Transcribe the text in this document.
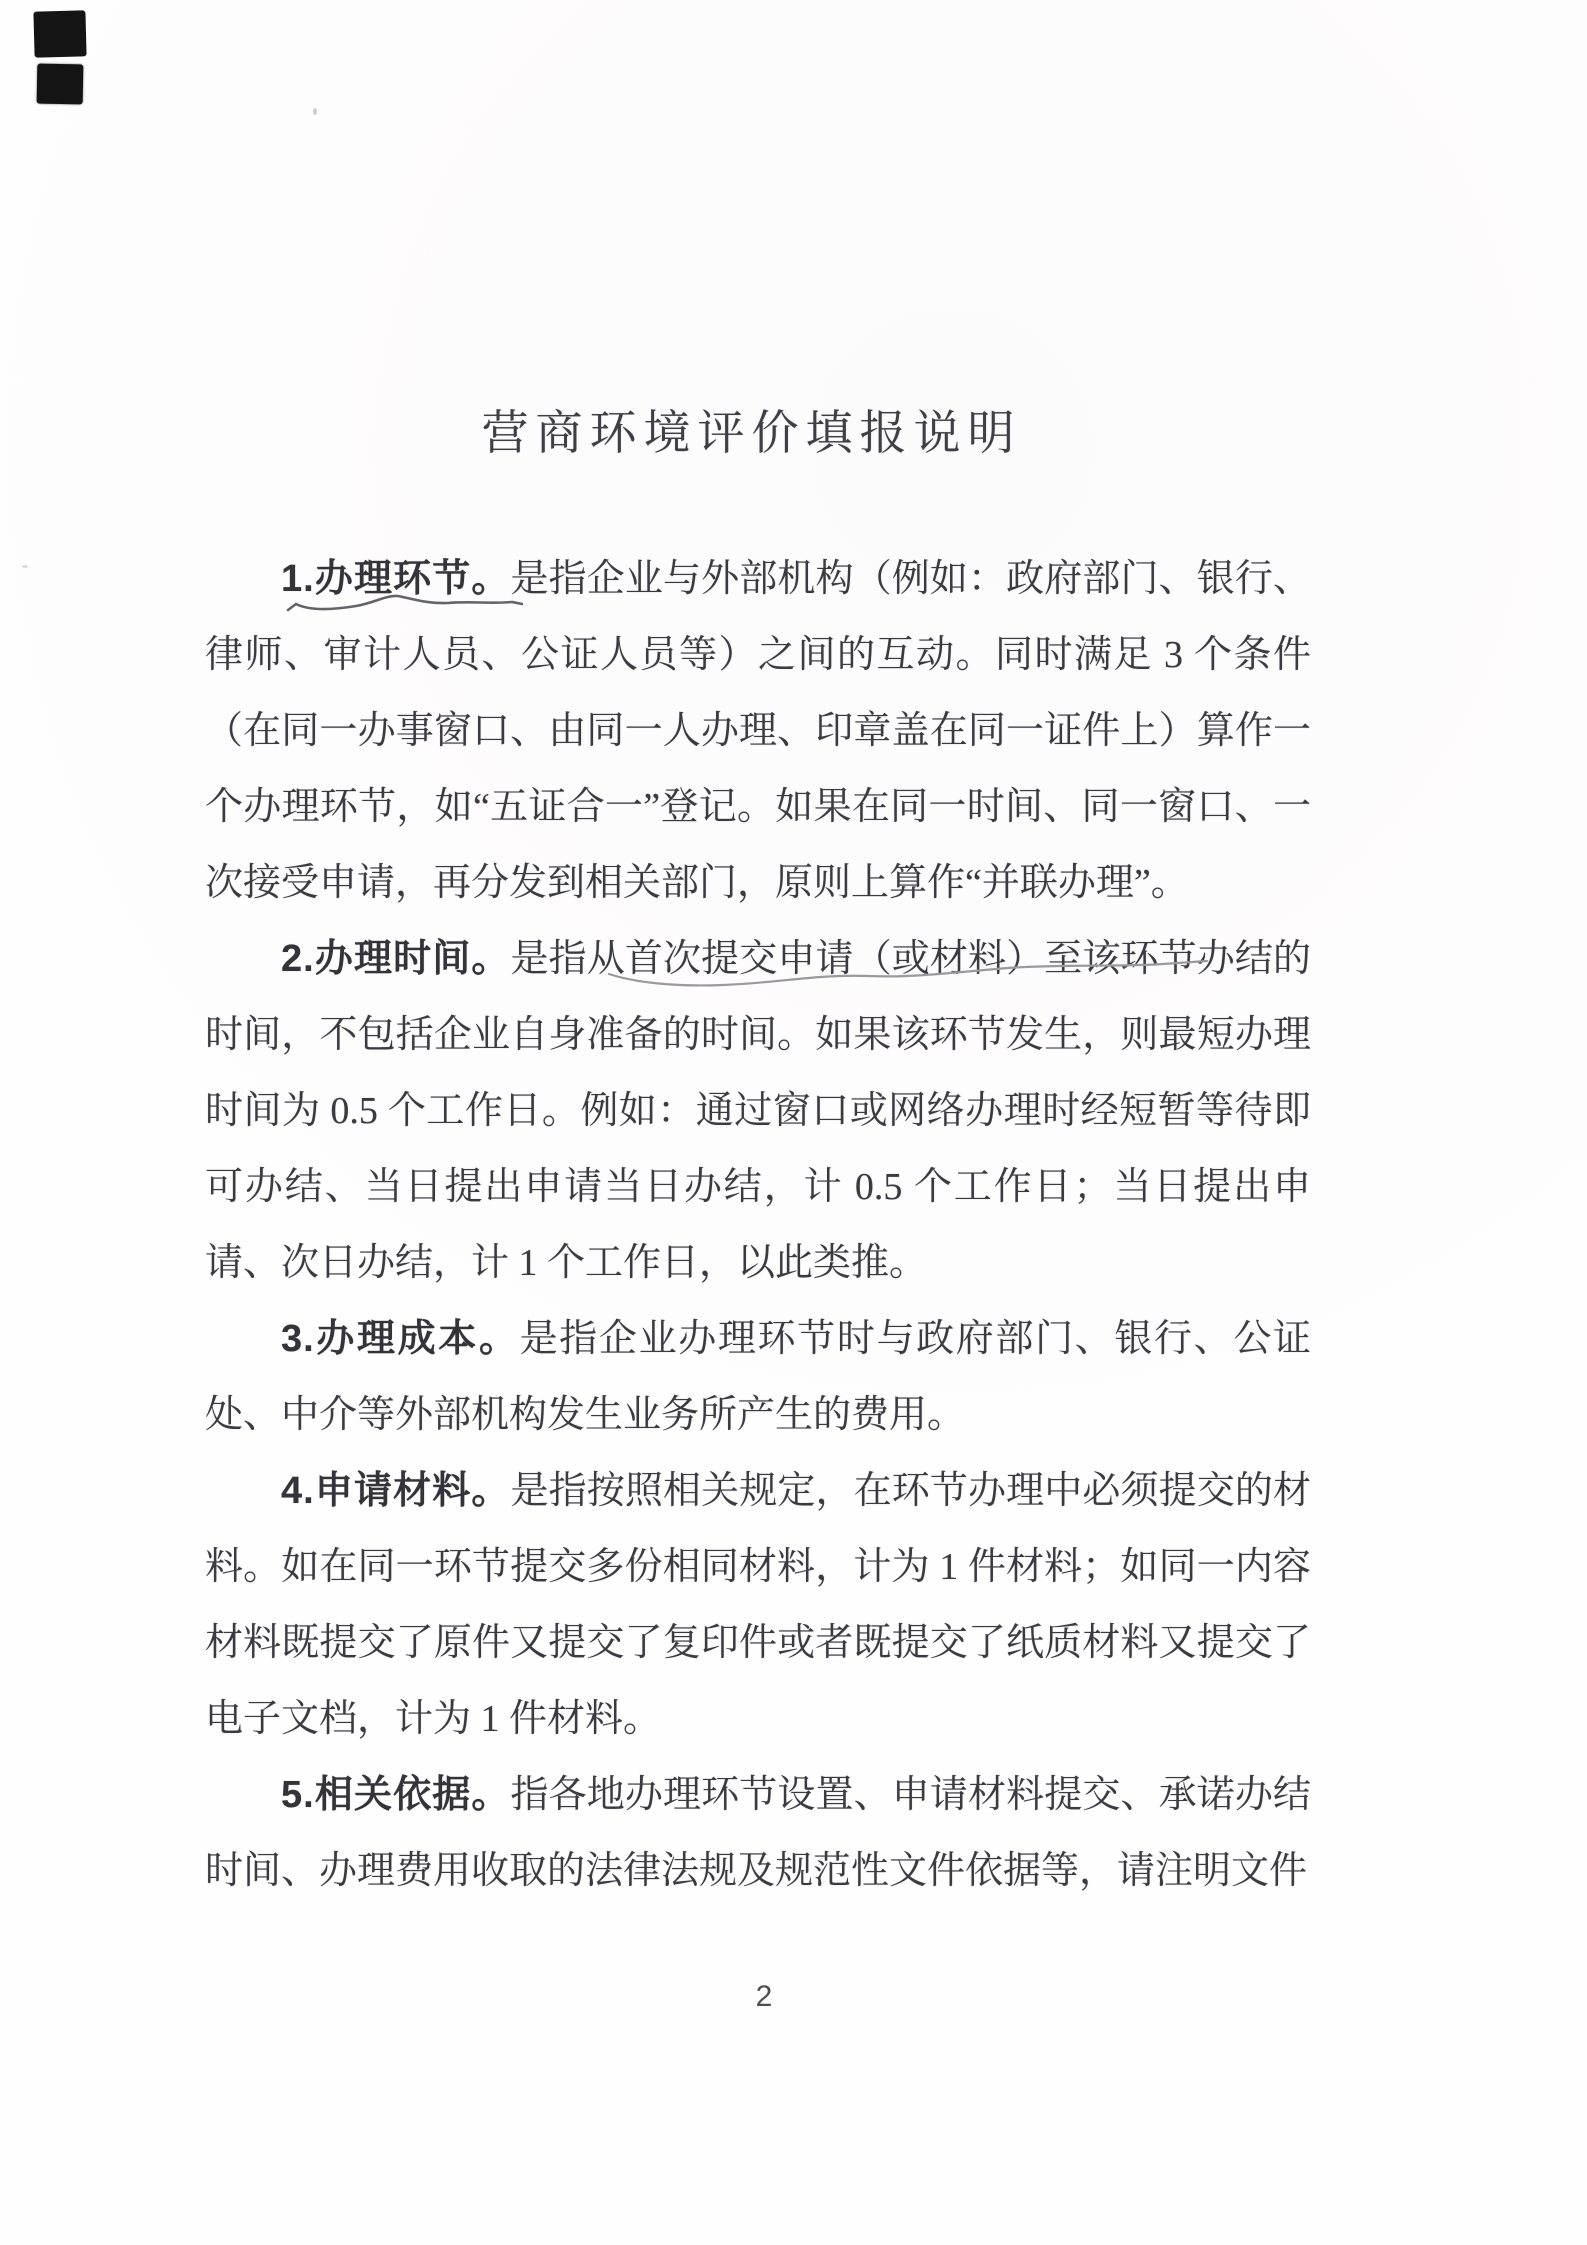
营商环境评价填报说明

1.办理环节。是指企业与外部机构（例如：政府部门、银行、律师、审计人员、公证人员等）之间的互动。同时满足 3 个条件（在同一办事窗口、由同一人办理、印章盖在同一证件上）算作一个办理环节，如“五证合一”登记。如果在同一时间、同一窗口、一次接受申请，再分发到相关部门，原则上算作“并联办理”。

2.办理时间。是指从首次提交申请（或材料）至该环节办结的时间，不包括企业自身准备的时间。如果该环节发生，则最短办理时间为 0.5 个工作日。例如：通过窗口或网络办理时经短暂等待即可办结、当日提出申请当日办结，计 0.5 个工作日；当日提出申请、次日办结，计 1 个工作日，以此类推。

3.办理成本。是指企业办理环节时与政府部门、银行、公证处、中介等外部机构发生业务所产生的费用。

4.申请材料。是指按照相关规定，在环节办理中必须提交的材料。如在同一环节提交多份相同材料，计为 1 件材料；如同一内容材料既提交了原件又提交了复印件或者既提交了纸质材料又提交了电子文档，计为 1 件材料。

5.相关依据。指各地办理环节设置、申请材料提交、承诺办结时间、办理费用收取的法律法规及规范性文件依据等，请注明文件

2
